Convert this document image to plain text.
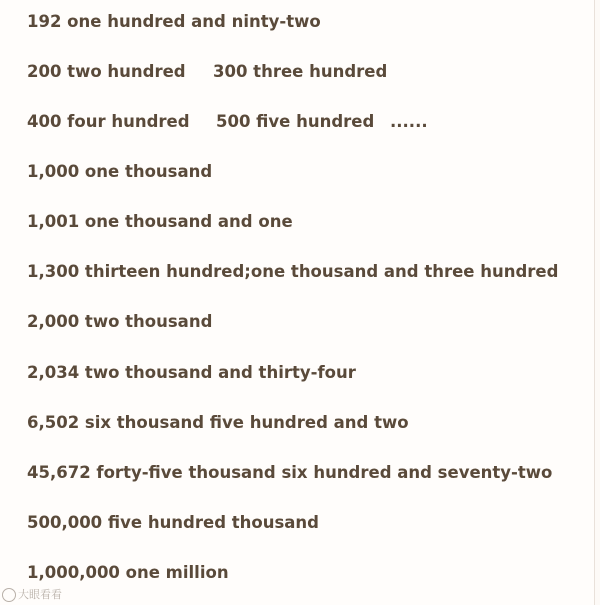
192 one hundred and ninty-two
200 two hundred 300 three hundred
400 four hundred 500 five hundred ......
1,000 one thousand
1,001 one thousand and one
1,300 thirteen hundred;one thousand and three hundred
2,000 two thousand
2,034 two thousand and thirty-four
6,502 six thousand five hundred and two
45,672 forty-five thousand six hundred and seventy-two
500,000 five hundred thousand
1,000,000 one million
大眼看看
